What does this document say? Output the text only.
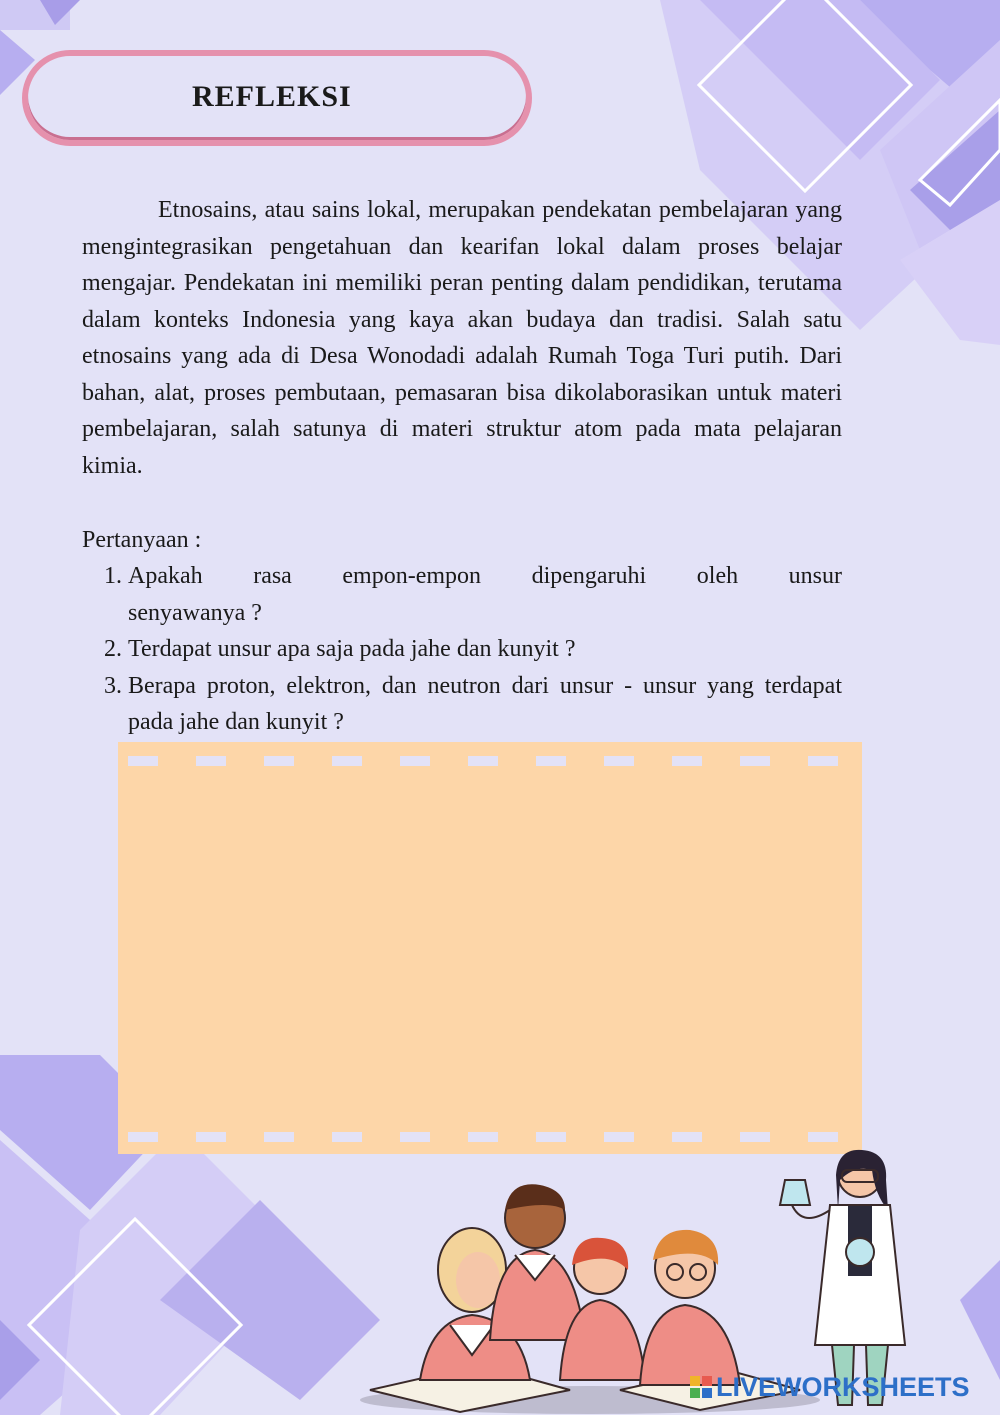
REFLEKSI

Etnosains, atau sains lokal, merupakan pendekatan pembelajaran yang mengintegrasikan pengetahuan dan kearifan lokal dalam proses belajar mengajar. Pendekatan ini memiliki peran penting dalam pendidikan, terutama dalam konteks Indonesia yang kaya akan budaya dan tradisi. Salah satu etnosains yang ada di Desa Wonodadi adalah Rumah Toga Turi putih. Dari bahan, alat, proses pembutaan, pemasaran bisa dikolaborasikan untuk materi pembelajaran, salah satunya di materi struktur atom pada mata pelajaran kimia.

Pertanyaan :
1. Apakah rasa empon-empon dipengaruhi oleh unsur
senyawanya ?
2. Terdapat unsur apa saja pada jahe dan kunyit ?
3. Berapa proton, elektron, dan neutron dari unsur - unsur yang terdapat pada jahe dan kunyit ?
LIVEWORKSHEETS
